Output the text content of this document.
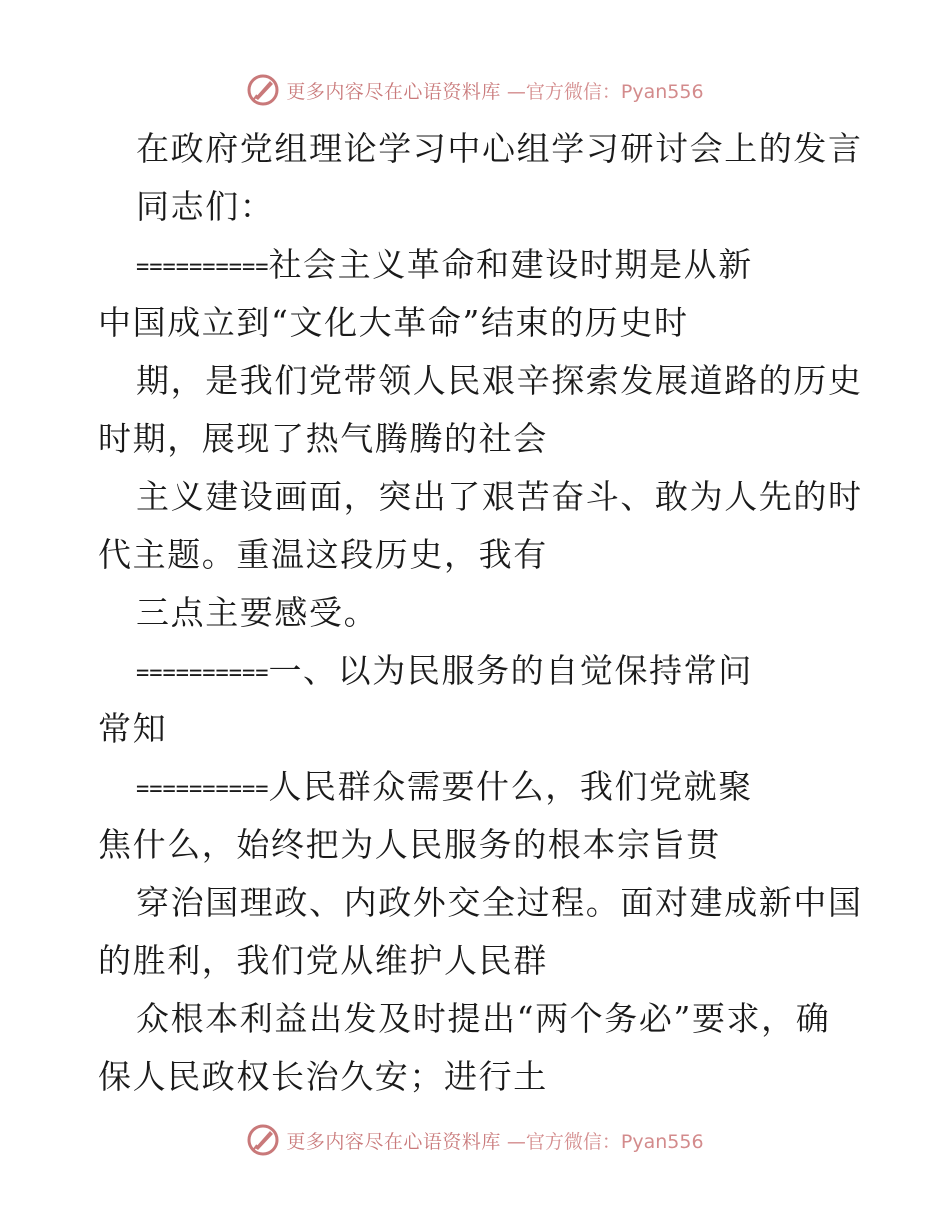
更多内容尽在心语资料库 —官方微信：Pyan556
在政府党组理论学习中心组学习研讨会上的发言
同志们：
==========社会主义革命和建设时期是从新
中国成立到“文化大革命”结束的历史时
期，是我们党带领人民艰辛探索发展道路的历史
时期，展现了热气腾腾的社会
主义建设画面，突出了艰苦奋斗、敢为人先的时
代主题。重温这段历史，我有
三点主要感受。
==========一、以为民服务的自觉保持常问
常知
==========人民群众需要什么，我们党就聚
焦什么，始终把为人民服务的根本宗旨贯
穿治国理政、内政外交全过程。面对建成新中国
的胜利，我们党从维护人民群
众根本利益出发及时提出“两个务必”要求，确
保人民政权长治久安；进行土
更多内容尽在心语资料库 —官方微信：Pyan556
